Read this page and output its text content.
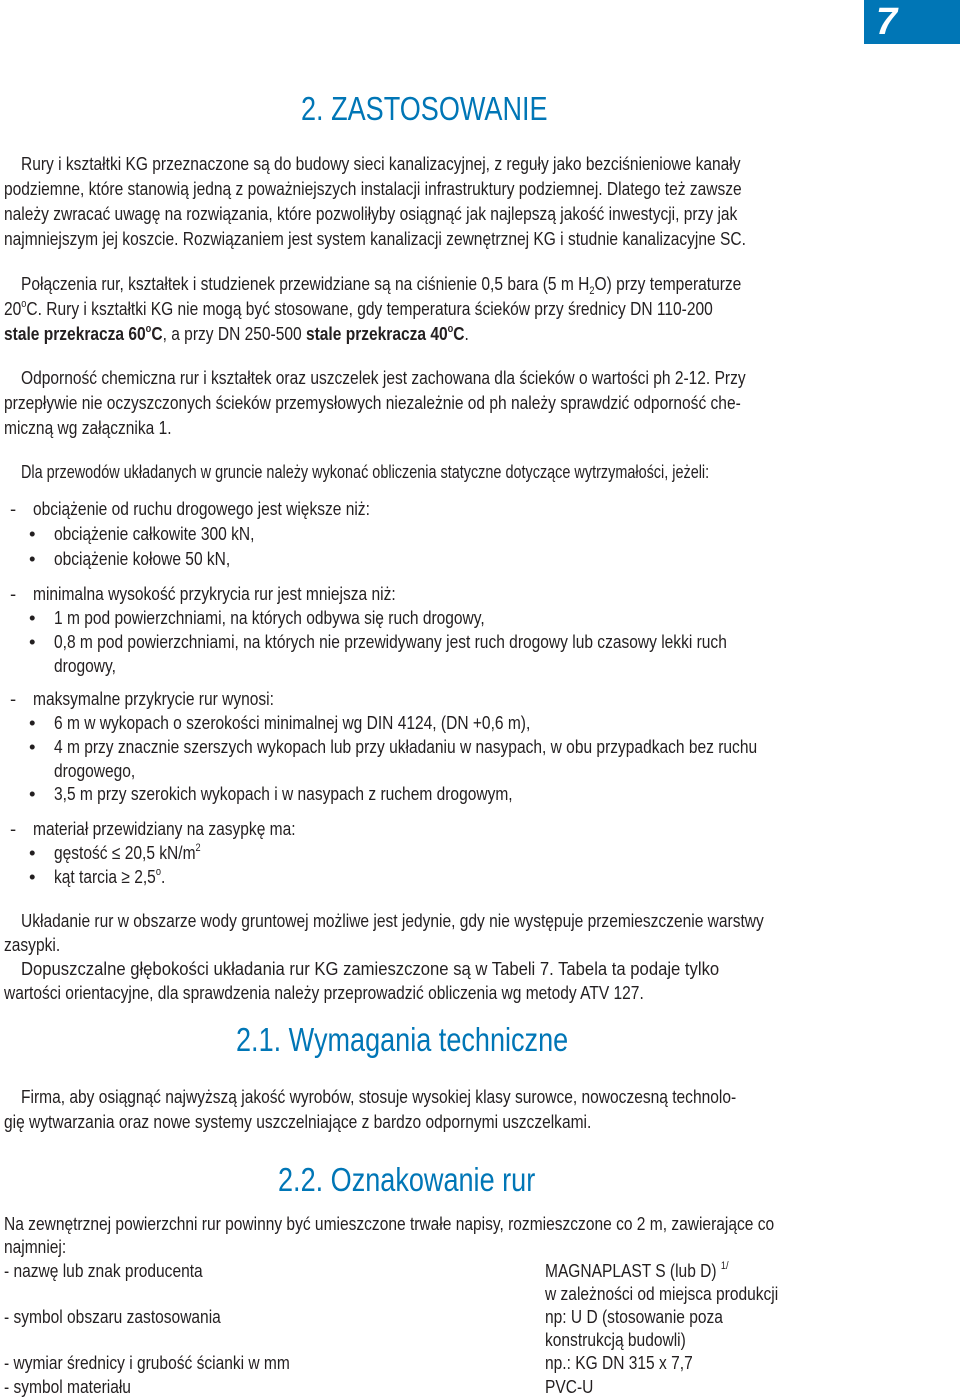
7
2. ZASTOSOWANIE
Rury i kształtki KG przeznaczone są do budowy sieci kanalizacyjnej, z reguły jako bezciśnieniowe kanały
podziemne, które stanowią jedną z poważniejszych instalacji infrastruktury podziemnej. Dlatego też zawsze
należy zwracać uwagę na rozwiązania, które pozwoliłyby osiągnąć jak najlepszą jakość inwestycji, przy jak
najmniejszym jej koszcie. Rozwiązaniem jest system kanalizacji zewnętrznej KG i studnie kanalizacyjne SC.
Połączenia rur, kształtek i studzienek przewidziane są na ciśnienie 0,5 bara (5 m $H_2O$) przy temperaturze
20$^o$C. Rury i kształtki KG nie mogą być stosowane, gdy temperatura ścieków przy średnicy DN 110-200
stale przekracza 60$^o$C, a przy DN 250-500 stale przekracza 40$^o$C.
Odporność chemiczna rur i kształtek oraz uszczelek jest zachowana dla ścieków o wartości ph 2-12. Przy
przepływie nie oczyszczonych ścieków przemysłowych niezależnie od ph należy sprawdzić odporność che-
miczną wg załącznika 1.
Dla przewodów układanych w gruncie należy wykonać obliczenia statyczne dotyczące wytrzymałości, jeżeli:
- obciążenie od ruchu drogowego jest większe niż:
• obciążenie całkowite 300 kN,
• obciążenie kołowe 50 kN,
- minimalna wysokość przykrycia rur jest mniejsza niż:
• 1 m pod powierzchniami, na których odbywa się ruch drogowy,
• 0,8 m pod powierzchniami, na których nie przewidywany jest ruch drogowy lub czasowy lekki ruch
drogowy,
- maksymalne przykrycie rur wynosi:
• 6 m w wykopach o szerokości minimalnej wg DIN 4124, (DN +0,6 m),
• 4 m przy znacznie szerszych wykopach lub przy układaniu w nasypach, w obu przypadkach bez ruchu
drogowego,
• 3,5 m przy szerokich wykopach i w nasypach z ruchem drogowym,
- materiał przewidziany na zasypkę ma:
• gęstość ≤ 20,5 $kN/m^2$
• kąt tarcia ≥ $2,5^o$.
Układanie rur w obszarze wody gruntowej możliwe jest jedynie, gdy nie występuje przemieszczenie warstwy
zasypki.
Dopuszczalne głębokości układania rur KG zamieszczone są w Tabeli 7. Tabela ta podaje tylko
wartości orientacyjne, dla sprawdzenia należy przeprowadzić obliczenia wg metody ATV 127.
2.1. Wymagania techniczne
Firma, aby osiągnąć najwyższą jakość wyrobów, stosuje wysokiej klasy surowce, nowoczesną technolo-
gię wytwarzania oraz nowe systemy uszczelniające z bardzo odpornymi uszczelkami.
2.2. Oznakowanie rur
Na zewnętrznej powierzchni rur powinny być umieszczone trwałe napisy, rozmieszczone co 2 m, zawierające co
najmniej:
- nazwę lub znak producenta	MAGNAPLAST S (lub D) $^{1/}$
w zależności od miejsca produkcji
- symbol obszaru zastosowania	np: U D (stosowanie poza
konstrukcją budowli)
- wymiar średnicy i grubość ścianki w mm	np.: KG DN 315 x 7,7
- symbol materiału	PVC-U
